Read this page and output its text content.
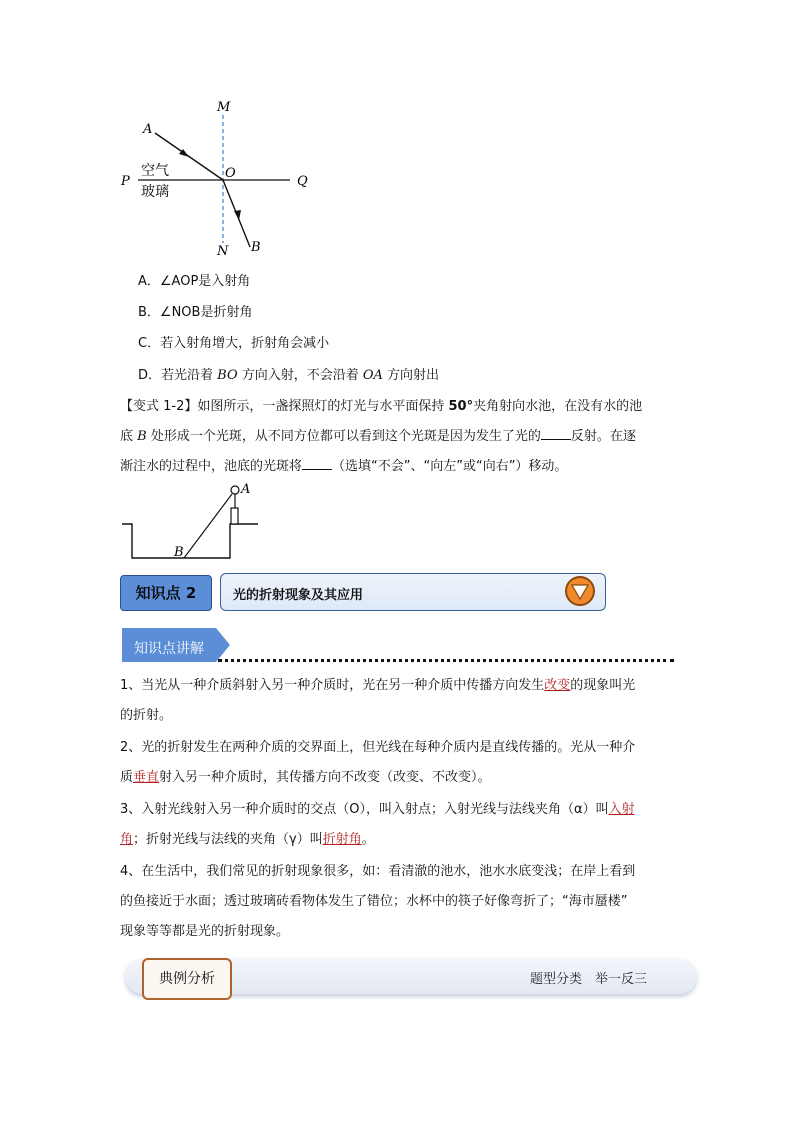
M
A
P
O
Q
N B
空气
玻璃
A．∠AOP是入射角
B．∠NOB是折射角
C．若入射角增大，折射角会减小
D．若光沿着 BO 方向入射，不会沿着 OA 方向射出
【变式 1-2】如图所示，一盏探照灯的灯光与水平面保持 50°夹角射向水池，在没有水的池
底 B 处形成一个光斑，从不同方位都可以看到这个光斑是因为发生了光的 反射。在逐
渐注水的过程中，池底的光斑将 （选填“不会”、“向左”或“向右”）移动。
A
B
知识点 2	光的折射现象及其应用
知识点讲解
1、当光从一种介质斜射入另一种介质时，光在另一种介质中传播方向发生改变的现象叫光
的折射。
2、光的折射发生在两种介质的交界面上，但光线在每种介质内是直线传播的。光从一种介
质垂直射入另一种介质时，其传播方向不改变（改变、不改变）。
3、入射光线射入另一种介质时的交点（O），叫入射点；入射光线与法线夹角（α）叫入射
角；折射光线与法线的夹角（γ）叫折射角。
4、在生活中，我们常见的折射现象很多，如：看清澈的池水，池水水底变浅；在岸上看到
的鱼接近于水面；透过玻璃砖看物体发生了错位；水杯中的筷子好像弯折了；“海市蜃楼”
现象等等都是光的折射现象。
典例分析	题型分类　举一反三
